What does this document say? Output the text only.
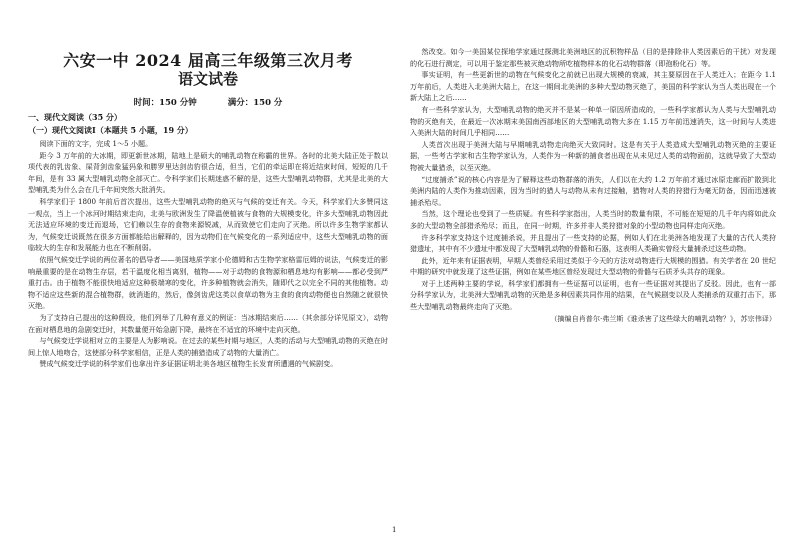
六安一中 2024 届高三年级第三次月考
语文试卷
时间：150 分钟	满分：150 分
一、现代文阅读（35 分）
（一）现代文阅读Ⅰ（本题共 5 小题，19 分）

阅读下面的文字，完成 1～5 小题。

距今 3 万年前的大冰期，即更新世冰期，陆地上是硕大的哺乳动物在称霸的世界。各时的北美大陆正处于数以项代表的乳齿象、屎背剑齿象猛犸象和勝罗里达剑齿豹很合适，但当，它们的牵运即在将近结束时间，短短的几千年间，是有 33 属大型哺乳动物全部灭亡。令科学家们长期迷惑不解的是，这些大型哺乳动物群，尤其是北美的大型哺乳类为什么会在几千年间突然大批消失。

科学家们于 1800 年前后首次提出，这些大型哺乳动物的绝灭与气候的变迁有关。今天，科学家们大多赞同这一观点，当上一个冰河时期结束走向，北美与欧洲发生了降温使植被与食物的大规模变化，许多大型哺乳动物因此无法适应环境的变迁而退场，它们赖以生存的食物来源锐减，从而致使它们走向了灭绝。所以许多生物学家都认为，气候变迁说既然在很多方面都能给出解释的，因为动物们在气候变化的一系列适应中，这些大型哺乳动物的面临较大的生存和发展能力也在不断削弱。

依照气候变迁学说的两位著名的倡导者——美国地质学家小伦德姆和古生物学家格雷厄姆的说法，气候变迁的影响最重要的是在动物生存层，若干温度化相当离别，植物——对于动物的食物源和栖息地均有影响——都必受到严重打击。由于植物不能很快地适应这种极端寒的变化，许多种植物就会消失，随即代之以完全不同的其他植物。动物不适应这些新的混合植物群，就消逝的，然后，像剑齿虎这类以食草动物为主食的食肉动物便也自然随之就很快灭绝。

为了支持自己提出的这种假设，他们列举了几种有意义的例证：当冰期结束后……（其余部分详见原文），动物在面对栖息地的急剧变迁时，其数量便开始急剧下降，最终在不适宜的环境中走向灭绝。

与气候变迁学说相对立的主要是人为影响说。在过去的某些时期与地区，人类的活动与大型哺乳动物的灭绝在时间上惊人地吻合，这使部分科学家相信，正是人类的捕猎造成了动物的大量消亡。

赞成气候变迁学说的科学家们也拿出许多证据证明北美各地区植物生长发育所遭遇的气候剧变。

然改变。如今一美国某位探地学家通过探测北美洲地区的沉积物样品（目的是排除非人类因素后的干扰）对发现的化石进行测定，可以用于鉴定那些被灭绝动物所吃植物样本的化石动物群落（即孢粉化石）等。

事实证明，有一些更新世的动物在气候变化之前就已出现大规模的衰减，其主要原因在于人类迁入；在距今 1.1 万年前后，人类进入北美洲大陆上，在这一期间北美洲的多种大型动物灭绝了，美国的科学家认为当人类出现在一个新大陆上之后……

有一些科学家认为，大型哺乳动物的绝灭并不是某一种单一原因所造成的，一些科学家都认为人类与大型哺乳动物的灭绝有关，在最近一次冰期末美国南西部地区的大型哺乳动物大多在 1.15 万年前迅速消失，这一时间与人类进入美洲大陆的时间几乎相同……

人类首次出现于美洲大陆与早期哺乳动物走向绝灭大致同时。这是有关于人类造成大型哺乳动物灭绝的主要证据，一些考古学家和古生物学家认为，人类作为一种新的捕食者出现在从未见过人类的动物面前，这就导致了大型动物被大量猎杀，以至灭绝。

“过度捕杀”说的核心内容是为了解释这些动物群落的消失，人们以在大约 1.2 万年前才通过冰原走廊而扩散到北美洲内陆的人类作为推动因素，因为当时的猎人与动物从未有过接触，猎物对人类的狩猎行为毫无防备，因而迅速被捕杀殆尽。

当然，这个理论也受到了一些质疑。有些科学家指出，人类当时的数量有限，不可能在短短的几千年内将如此众多的大型动物全部猎杀殆尽；而且，在同一时期，许多并非人类狩猎对象的小型动物也同样走向灭绝。

许多科学家支持这个过度捕杀说，并且提出了一些支持的论据，例如人们在北美洲各地发现了大量的古代人类狩猎遗址，其中有不少遗址中都发现了大型哺乳动物的骨骼和石器，这表明人类确实曾经大量捕杀过这些动物。

此外，近年来有证据表明，早期人类曾经采用过类似于今天的方法对动物进行大规模的围猎。有关学者在 20 世纪中期的研究中就发现了这些证据，例如在某些地区曾经发现过大型动物的骨骼与石质矛头共存的现象。

对于上述两种主要的学说，科学家们都拥有一些证据可以证明，也有一些证据对其提出了反驳。因此，也有一部分科学家认为，北美洲大型哺乳动物的灭绝是多种因素共同作用的结果，在气候剧变以及人类捕杀的双重打击下，那些大型哺乳动物最终走向了灭绝。

（摘编自肖普尔·弗兰斯《谁杀害了这些绿大的哺乳动物？》，苏宗伟译）

1
